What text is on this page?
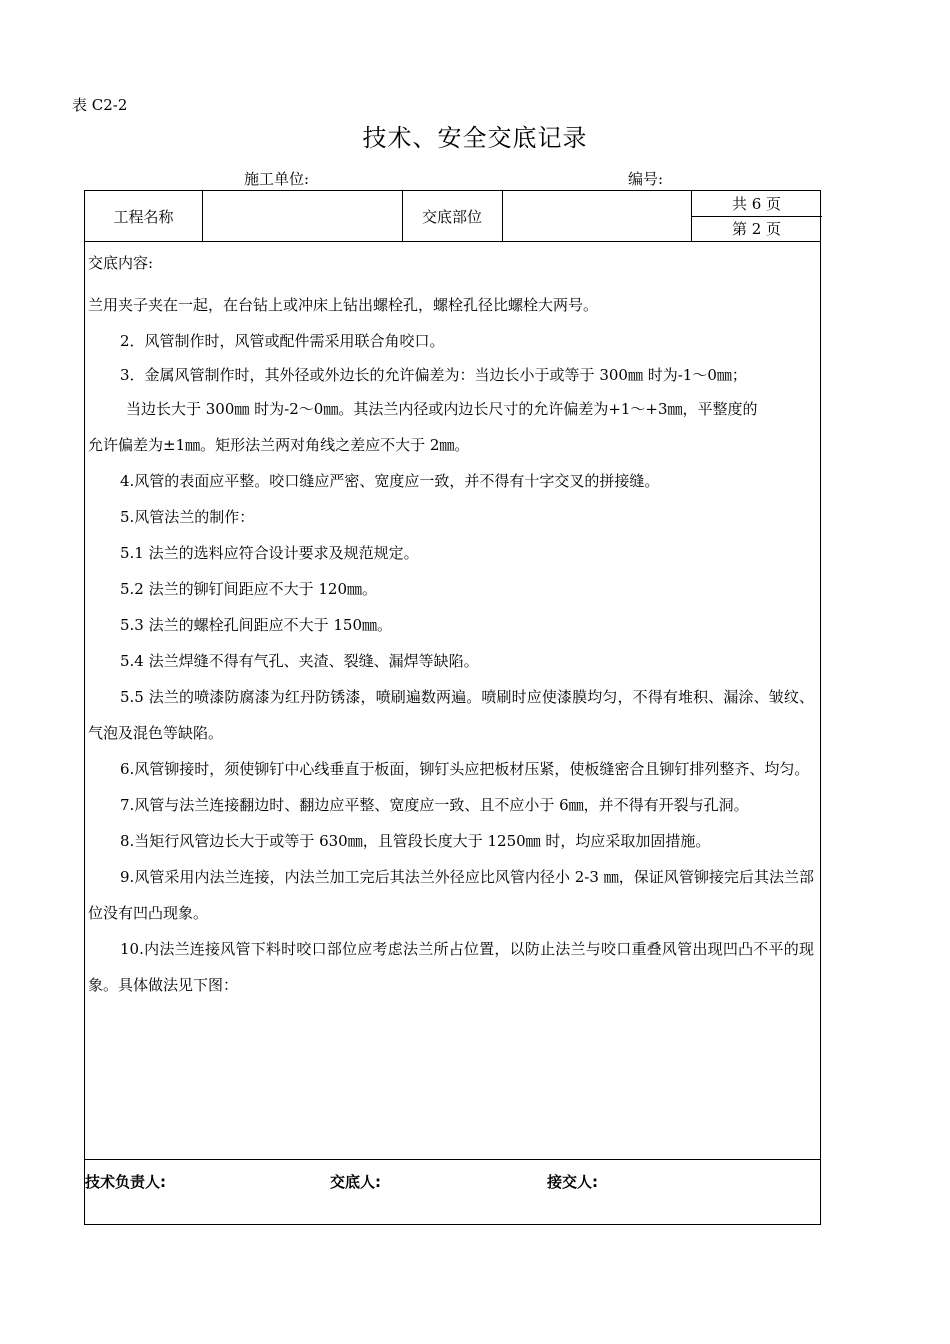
表 C2-2
技术、安全交底记录
施工单位:	编号:
工程名称	交底部位
共 6 页
第 2 页
交底内容:

兰用夹子夹在一起，在台钻上或冲床上钻出螺栓孔，螺栓孔径比螺栓大两号。

2．风管制作时，风管或配件需采用联合角咬口。

3．金属风管制作时，其外径或外边长的允许偏差为：当边长小于或等于 300㎜ 时为-1～0㎜；

当边长大于 300㎜ 时为-2～0㎜。其法兰内径或内边长尺寸的允许偏差为+1～+3㎜，平整度的

允许偏差为±1㎜。矩形法兰两对角线之差应不大于 2㎜。

4.风管的表面应平整。咬口缝应严密、宽度应一致，并不得有十字交叉的拼接缝。

5.风管法兰的制作：

5.1 法兰的选料应符合设计要求及规范规定。

5.2 法兰的铆钉间距应不大于 120㎜。

5.3 法兰的螺栓孔间距应不大于 150㎜。

5.4 法兰焊缝不得有气孔、夹渣、裂缝、漏焊等缺陷。

5.5 法兰的喷漆防腐漆为红丹防锈漆，喷刷遍数两遍。喷刷时应使漆膜均匀，不得有堆积、漏涂、皱纹、气泡及混色等缺陷。

6.风管铆接时，须使铆钉中心线垂直于板面，铆钉头应把板材压紧，使板缝密合且铆钉排列整齐、均匀。

7.风管与法兰连接翻边时、翻边应平整、宽度应一致、且不应小于 6㎜，并不得有开裂与孔洞。

8.当矩行风管边长大于或等于 630㎜，且管段长度大于 1250㎜ 时，均应采取加固措施。

9.风管采用内法兰连接，内法兰加工完后其法兰外径应比风管内径小 2-3 ㎜，保证风管铆接完后其法兰部位没有凹凸现象。

10.内法兰连接风管下料时咬口部位应考虑法兰所占位置，以防止法兰与咬口重叠风管出现凹凸不平的现象。具体做法见下图：

技术负责人:	交底人:	接交人:
